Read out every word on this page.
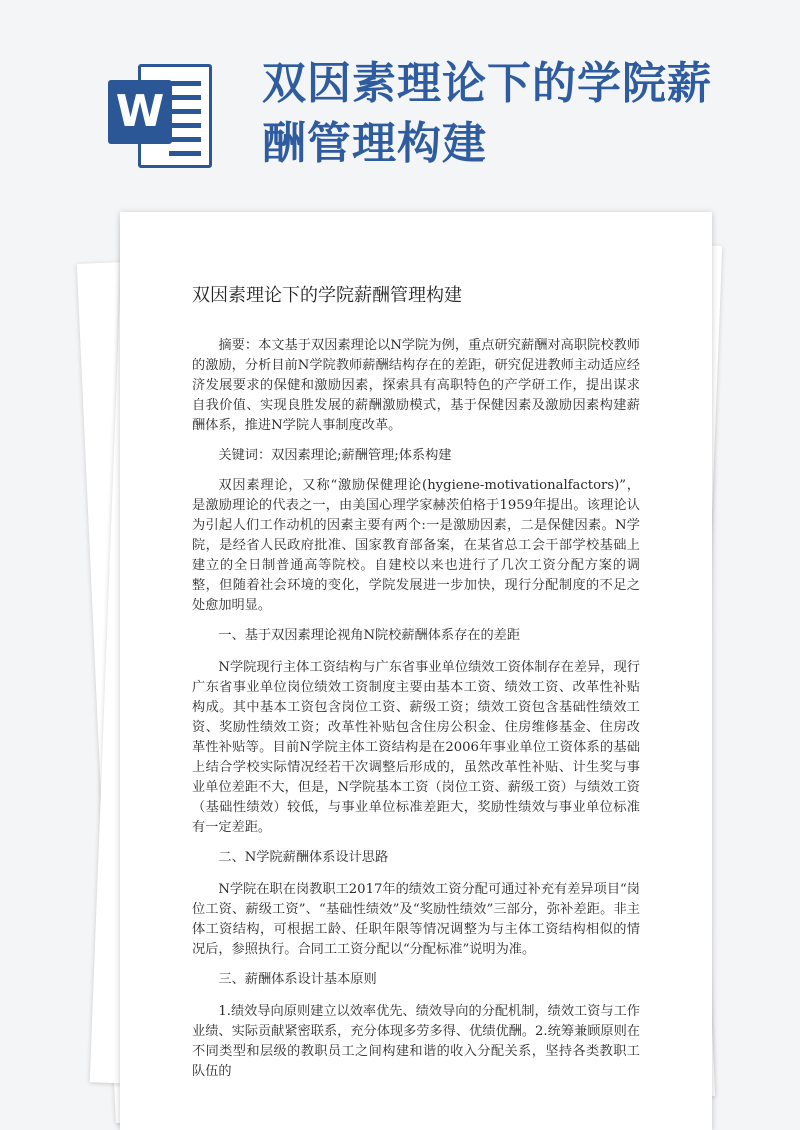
W
双因素理论下的学院薪酬管理构建
双因素理论下的学院薪酬管理构建

摘要：本文基于双因素理论以N学院为例，重点研究薪酬对高职院校教师的激励，分析目前N学院教师薪酬结构存在的差距，研究促进教师主动适应经济发展要求的保健和激励因素，探索具有高职特色的产学研工作，提出谋求自我价值、实现良胜发展的薪酬激励模式，基于保健因素及激励因素构建薪酬体系，推进N学院人事制度改革。

关键词：双因素理论;薪酬管理;体系构建

双因素理论，又称“激励保健理论(hygiene-motivationalfactors)”，是激励理论的代表之一，由美国心理学家赫茨伯格于1959年提出。该理论认为引起人们工作动机的因素主要有两个:一是激励因素，二是保健因素。N学院，是经省人民政府批准、国家教育部备案，在某省总工会干部学校基础上建立的全日制普通高等院校。自建校以来也进行了几次工资分配方案的调整，但随着社会环境的变化，学院发展进一步加快，现行分配制度的不足之处愈加明显。

一、基于双因素理论视角N院校薪酬体系存在的差距

N学院现行主体工资结构与广东省事业单位绩效工资体制存在差异，现行广东省事业单位岗位绩效工资制度主要由基本工资、绩效工资、改革性补贴构成。其中基本工资包含岗位工资、薪级工资；绩效工资包含基础性绩效工资、奖励性绩效工资；改革性补贴包含住房公积金、住房维修基金、住房改革性补贴等。目前N学院主体工资结构是在2006年事业单位工资体系的基础上结合学校实际情况经若干次调整后形成的，虽然改革性补贴、计生奖与事业单位差距不大，但是，N学院基本工资（岗位工资、薪级工资）与绩效工资（基础性绩效）较低，与事业单位标准差距大，奖励性绩效与事业单位标准有一定差距。

二、N学院薪酬体系设计思路

N学院在职在岗教职工2017年的绩效工资分配可通过补充有差异项目“岗位工资、薪级工资”、“基础性绩效”及“奖励性绩效”三部分，弥补差距。非主体工资结构，可根据工龄、任职年限等情况调整为与主体工资结构相似的情况后，参照执行。合同工工资分配以“分配标准”说明为准。

三、薪酬体系设计基本原则

1.绩效导向原则建立以效率优先、绩效导向的分配机制，绩效工资与工作业绩、实际贡献紧密联系，充分体现多劳多得、优绩优酬。2.统筹兼顾原则在不同类型和层级的教职员工之间构建和谐的收入分配关系，坚持各类教职工队伍的
